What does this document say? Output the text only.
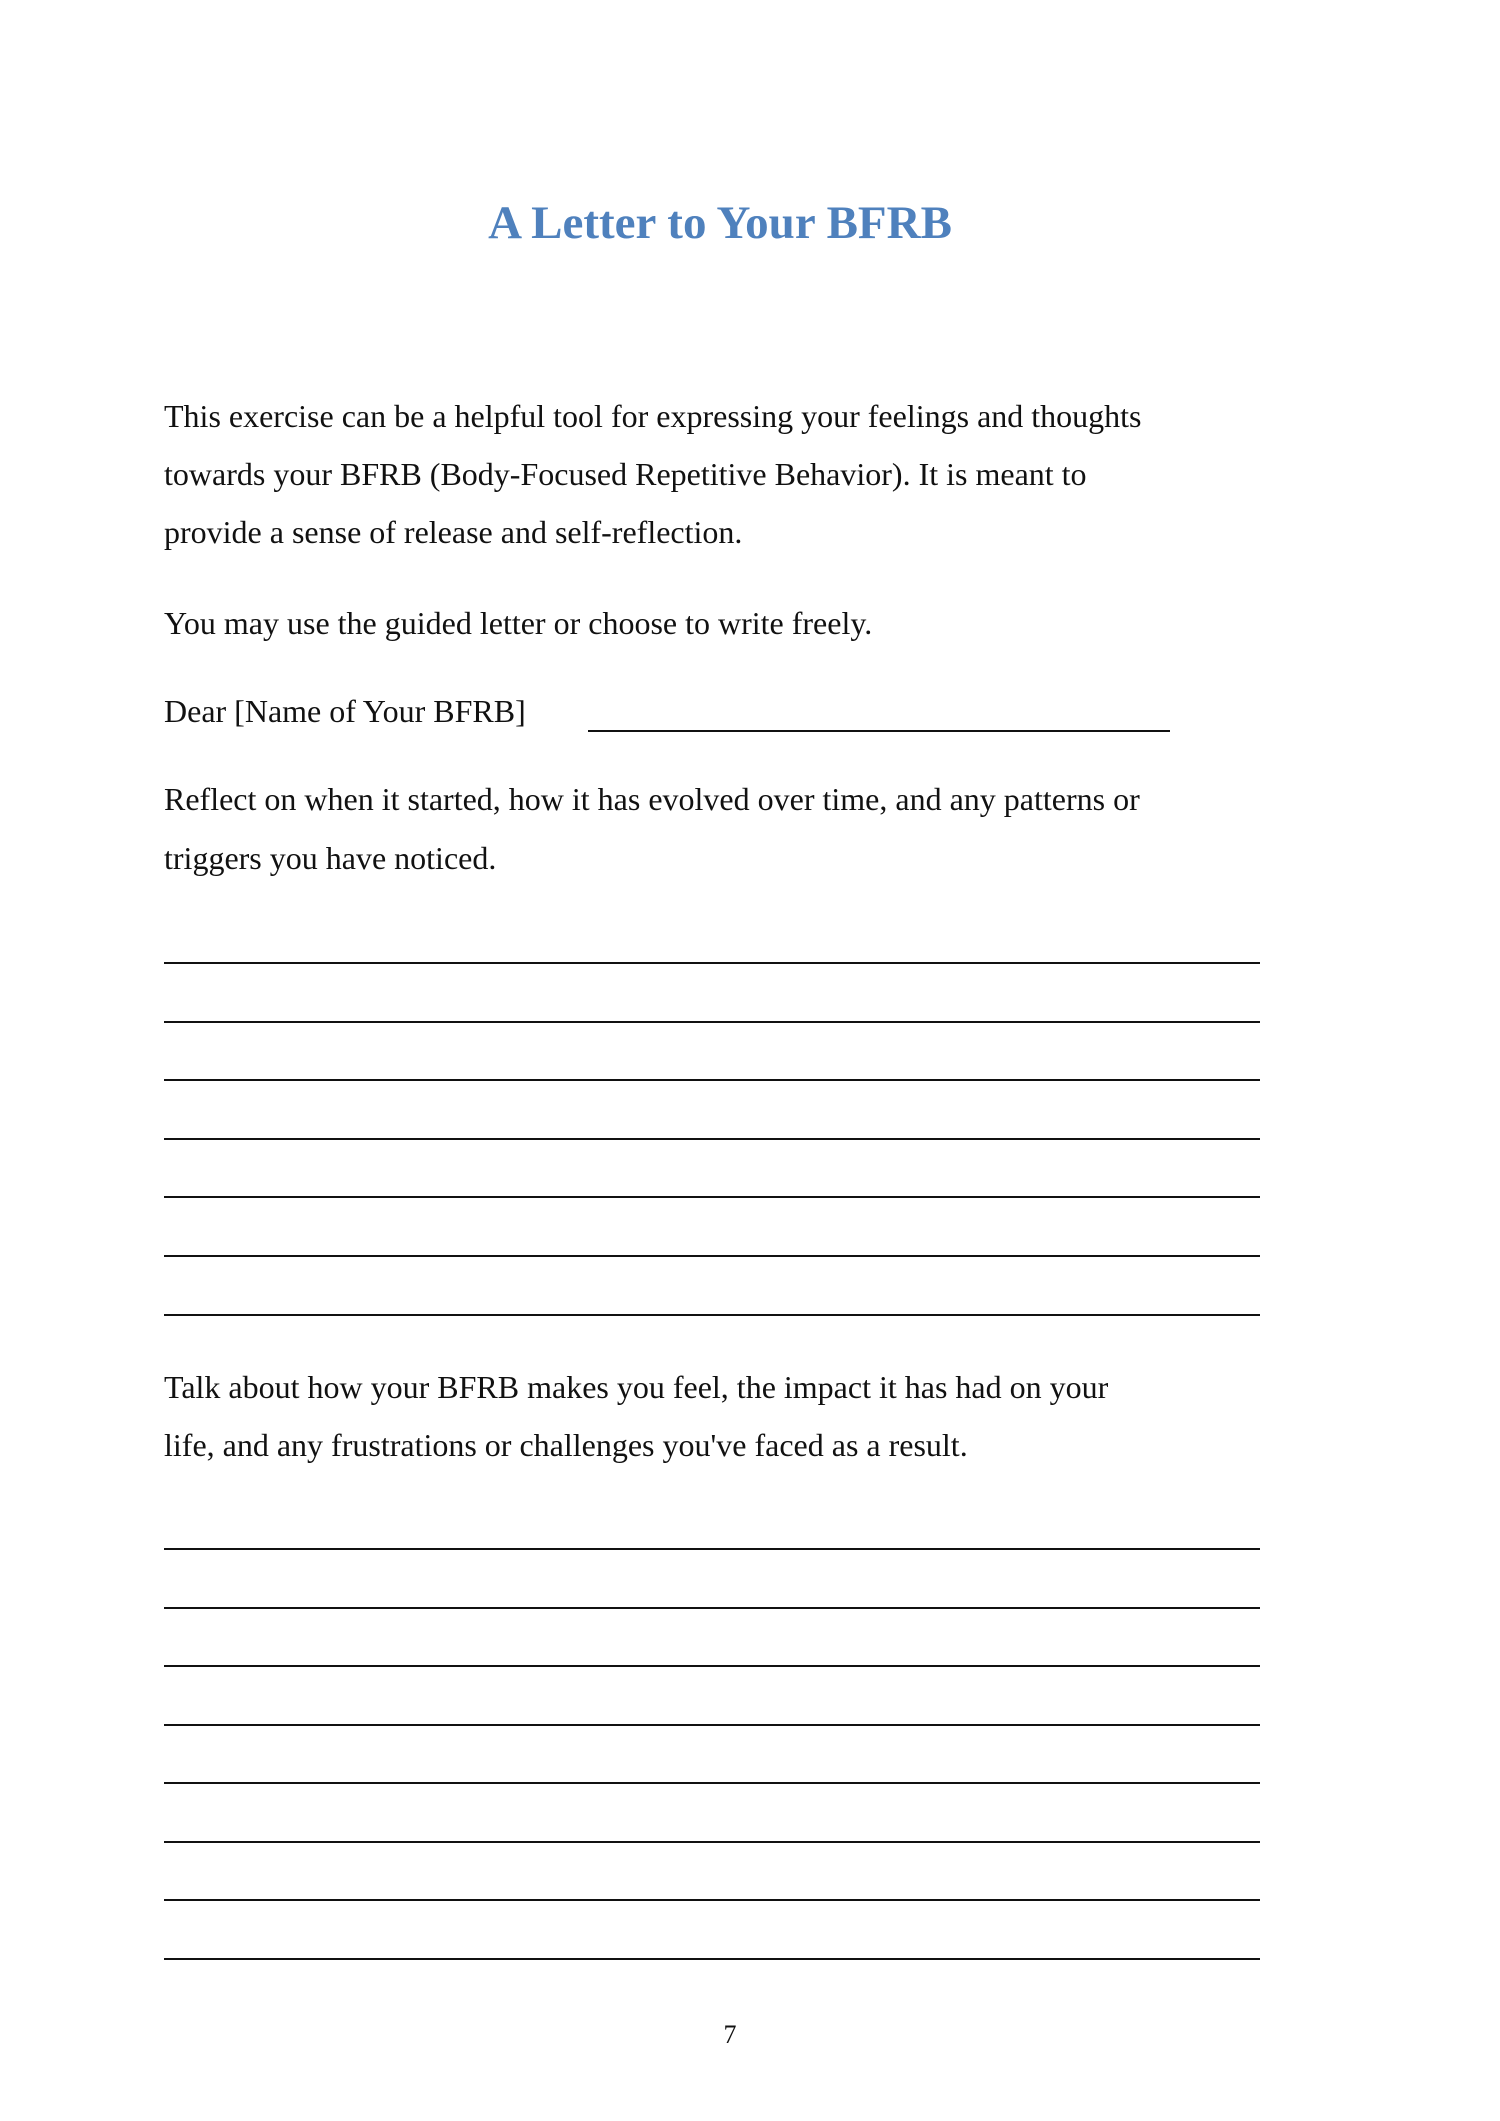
A Letter to Your BFRB
This exercise can be a helpful tool for expressing your feelings and thoughts
towards your BFRB (Body-Focused Repetitive Behavior). It is meant to
provide a sense of release and self-reflection.
You may use the guided letter or choose to write freely.
Dear [Name of Your BFRB]
Reflect on when it started, how it has evolved over time, and any patterns or
triggers you have noticed.
Talk about how your BFRB makes you feel, the impact it has had on your
life, and any frustrations or challenges you've faced as a result.
7
